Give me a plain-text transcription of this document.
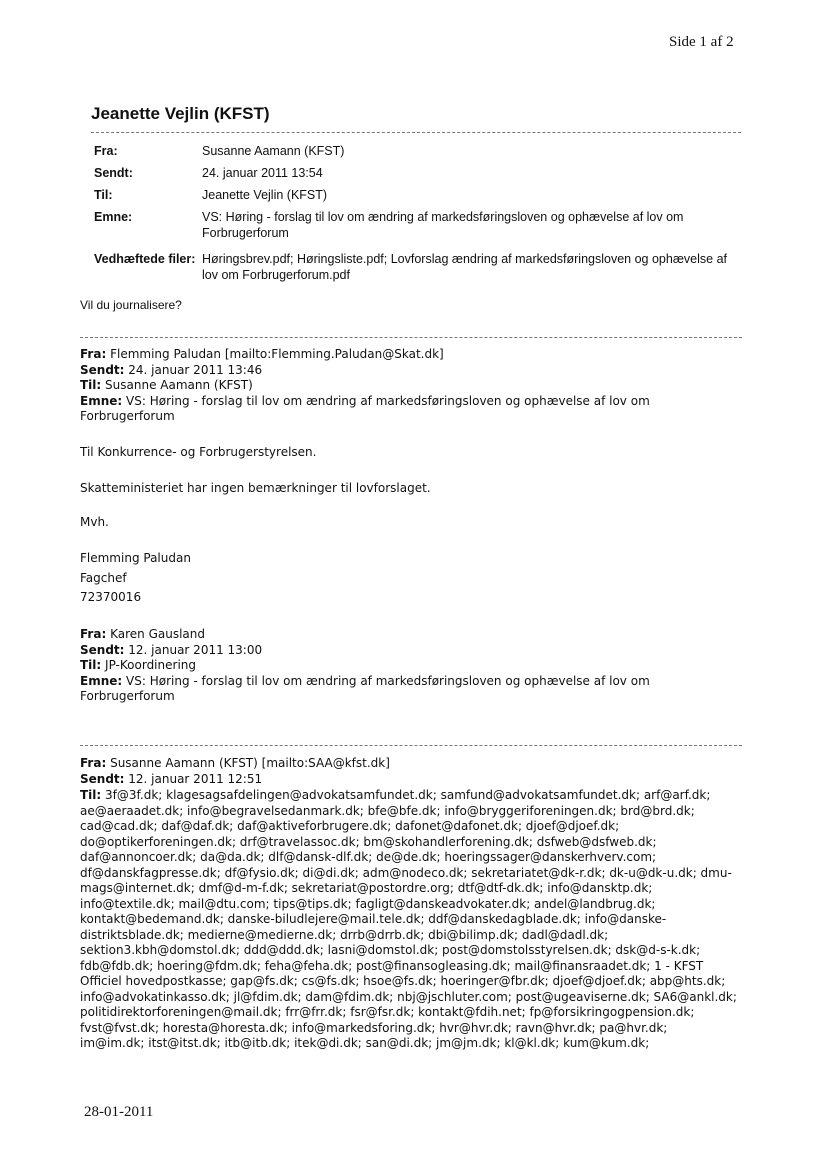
Side 1 af 2
Jeanette Vejlin (KFST)
Fra:	Susanne Aamann (KFST)
Sendt:	24. januar 2011 13:54
Til:	Jeanette Vejlin (KFST)
Emne:	VS: Høring - forslag til lov om ændring af markedsføringsloven og ophævelse af lov om Forbrugerforum
Vedhæftede filer:	Høringsbrev.pdf; Høringsliste.pdf; Lovforslag ændring af markedsføringsloven og ophævelse af lov om Forbrugerforum.pdf
Vil du journalisere?
Fra: Flemming Paludan [mailto:Flemming.Paludan@Skat.dk]
Sendt: 24. januar 2011 13:46
Til: Susanne Aamann (KFST)
Emne: VS: Høring - forslag til lov om ændring af markedsføringsloven og ophævelse af lov om Forbrugerforum
Til Konkurrence- og Forbrugerstyrelsen.
Skatteministeriet har ingen bemærkninger til lovforslaget.
Mvh.
Flemming Paludan
Fagchef
72370016
Fra: Karen Gausland
Sendt: 12. januar 2011 13:00
Til: JP-Koordinering
Emne: VS: Høring - forslag til lov om ændring af markedsføringsloven og ophævelse af lov om Forbrugerforum
Fra: Susanne Aamann (KFST) [mailto:SAA@kfst.dk]
Sendt: 12. januar 2011 12:51
Til: 3f@3f.dk; klagesagsafdelingen@advokatsamfundet.dk; samfund@advokatsamfundet.dk; arf@arf.dk;
ae@aeraadet.dk; info@begravelsedanmark.dk; bfe@bfe.dk; info@bryggeriforeningen.dk; brd@brd.dk;
cad@cad.dk; daf@daf.dk; daf@aktiveforbrugere.dk; dafonet@dafonet.dk; djoef@djoef.dk;
do@optikerforeningen.dk; drf@travelassoc.dk; bm@skohandlerforening.dk; dsfweb@dsfweb.dk;
daf@annoncoer.dk; da@da.dk; dlf@dansk-dlf.dk; de@de.dk; hoeringssager@danskerhverv.com;
df@danskfagpresse.dk; df@fysio.dk; di@di.dk; adm@nodeco.dk; sekretariatet@dk-r.dk; dk-u@dk-u.dk; dmu-
mags@internet.dk; dmf@d-m-f.dk; sekretariat@postordre.org; dtf@dtf-dk.dk; info@dansktp.dk;
info@textile.dk; mail@dtu.com; tips@tips.dk; fagligt@danskeadvokater.dk; andel@landbrug.dk;
kontakt@bedemand.dk; danske-biludlejere@mail.tele.dk; ddf@danskedagblade.dk; info@danske-
distriktsblade.dk; medierne@medierne.dk; drrb@drrb.dk; dbi@bilimp.dk; dadl@dadl.dk;
sektion3.kbh@domstol.dk; ddd@ddd.dk; lasni@domstol.dk; post@domstolsstyrelsen.dk; dsk@d-s-k.dk;
fdb@fdb.dk; hoering@fdm.dk; feha@feha.dk; post@finansogleasing.dk; mail@finansraadet.dk; 1 - KFST
Officiel hovedpostkasse; gap@fs.dk; cs@fs.dk; hsoe@fs.dk; hoeringer@fbr.dk; djoef@djoef.dk; abp@hts.dk;
info@advokatinkasso.dk; jl@fdim.dk; dam@fdim.dk; nbj@jschluter.com; post@ugeaviserne.dk; SA6@ankl.dk;
politidirektorforeningen@mail.dk; frr@frr.dk; fsr@fsr.dk; kontakt@fdih.net; fp@forsikringogpension.dk;
fvst@fvst.dk; horesta@horesta.dk; info@markedsforing.dk; hvr@hvr.dk; ravn@hvr.dk; pa@hvr.dk;
im@im.dk; itst@itst.dk; itb@itb.dk; itek@di.dk; san@di.dk; jm@jm.dk; kl@kl.dk; kum@kum.dk;
28-01-2011
